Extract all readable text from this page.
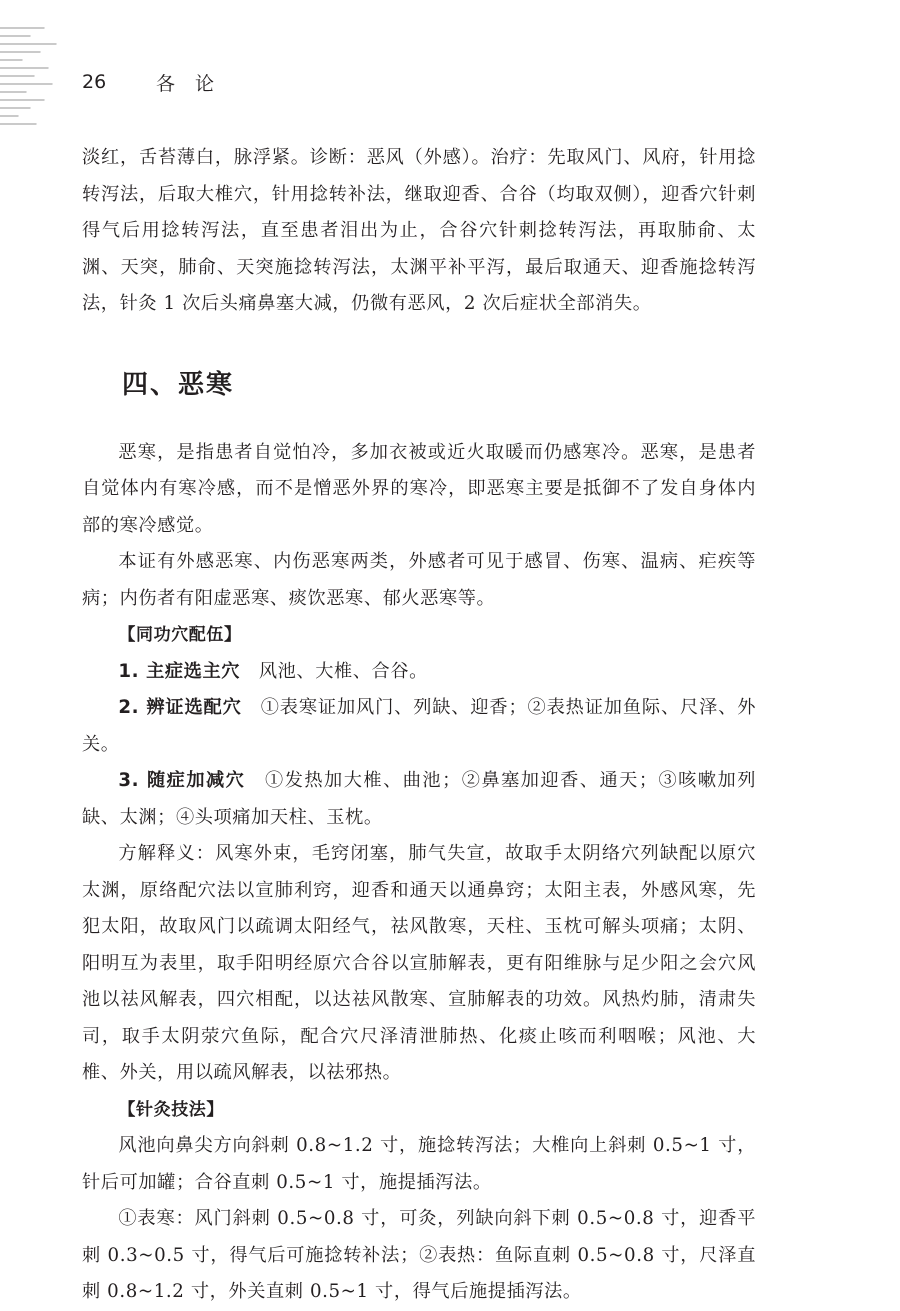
26	各论

淡红，舌苔薄白，脉浮紧。诊断：恶风（外感）。治疗：先取风门、风府，针用捻转泻法，后取大椎穴，针用捻转补法，继取迎香、合谷（均取双侧），迎香穴针刺得气后用捻转泻法，直至患者泪出为止，合谷穴针刺捻转泻法，再取肺俞、太渊、天突，肺俞、天突施捻转泻法，太渊平补平泻，最后取通天、迎香施捻转泻法，针灸 1 次后头痛鼻塞大减，仍微有恶风，2 次后症状全部消失。

四、恶寒

恶寒，是指患者自觉怕冷，多加衣被或近火取暖而仍感寒冷。恶寒，是患者自觉体内有寒冷感，而不是憎恶外界的寒冷，即恶寒主要是抵御不了发自身体内部的寒冷感觉。

本证有外感恶寒、内伤恶寒两类，外感者可见于感冒、伤寒、温病、疟疾等病；内伤者有阳虚恶寒、痰饮恶寒、郁火恶寒等。

【同功穴配伍】

1. 主症选主穴　 风池、大椎、合谷。

2. 辨证选配穴　 ①表寒证加风门、列缺、迎香；②表热证加鱼际、尺泽、外关。

3. 随症加减穴　 ①发热加大椎、曲池；②鼻塞加迎香、通天；③咳嗽加列缺、太渊；④头项痛加天柱、玉枕。

方解释义：风寒外束，毛窍闭塞，肺气失宣，故取手太阴络穴列缺配以原穴太渊，原络配穴法以宣肺利窍，迎香和通天以通鼻窍；太阳主表，外感风寒，先犯太阳，故取风门以疏调太阳经气，祛风散寒，天柱、玉枕可解头项痛；太阴、阳明互为表里，取手阳明经原穴合谷以宣肺解表，更有阳维脉与足少阳之会穴风池以祛风解表，四穴相配，以达祛风散寒、宣肺解表的功效。风热灼肺，清肃失司，取手太阴荥穴鱼际，配合穴尺泽清泄肺热、化痰止咳而利咽喉；风池、大椎、外关，用以疏风解表，以祛邪热。

【针灸技法】

风池向鼻尖方向斜刺 0.8~1.2 寸，施捻转泻法；大椎向上斜刺 0.5~1 寸，针后可加罐；合谷直刺 0.5~1 寸，施提插泻法。

①表寒：风门斜刺 0.5~0.8 寸，可灸，列缺向斜下刺 0.5~0.8 寸，迎香平刺 0.3~0.5 寸，得气后可施捻转补法；②表热：鱼际直刺 0.5~0.8 寸，尺泽直刺 0.8~1.2 寸，外关直刺 0.5~1 寸，得气后施提插泻法。
